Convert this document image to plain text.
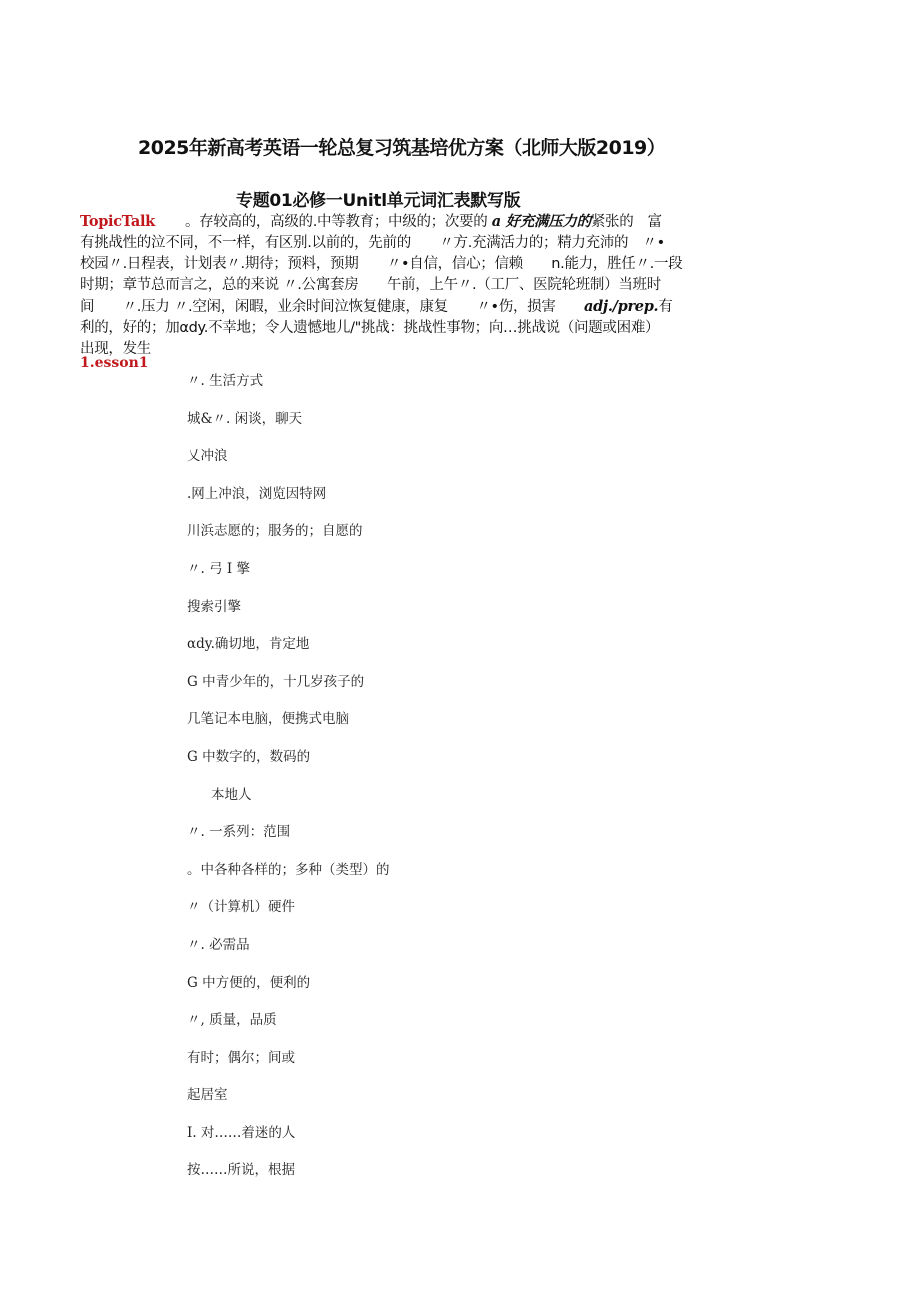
2025年新高考英语一轮总复习筑基培优方案（北师大版2019）
专题01必修一Unitl单元词汇表默写版
TopicTalk 。存较高的，高级的.中等教育；中级的；次要的 a 好充满压力的紧张的　富
有挑战性的泣不同，不一样，有区别.以前的，先前的　　〃方.充满活力的；精力充沛的　〃•
校园〃.日程表，计划表〃.期待；预料，预期　　〃•自信，信心；信赖　　n.能力，胜任〃.一段
时期；章节总而言之，总的来说 〃.公寓套房　　午前，上午〃.（工厂、医院轮班制）当班时
间　　〃.压力 〃.空闲，闲暇，业余时间泣恢复健康，康复　　〃•伤，损害　　adj./prep.有
利的，好的；加αdy.不幸地；令人遗憾地儿/"挑战：挑战性事物；向…挑战说（问题或困难）
出现，发生
1.esson1
〃. 生活方式
城&〃. 闲谈，聊天
乂冲浪
.网上冲浪，浏览因特网
川浜志愿的；服务的；自愿的
〃. 弓 I 擎
搜索引擎
αdy.确切地，肯定地
G 中青少年的，十几岁孩子的
几笔记本电脑，便携式电脑
G 中数字的，数码的
本地人
〃. 一系列：范围
。中各种各样的；多种（类型）的
〃（计算机）硬件
〃. 必需品
G 中方便的，便利的
〃, 质量，品质
有时；偶尔；间或
起居室
I. 对……着迷的人
按……所说，根据
